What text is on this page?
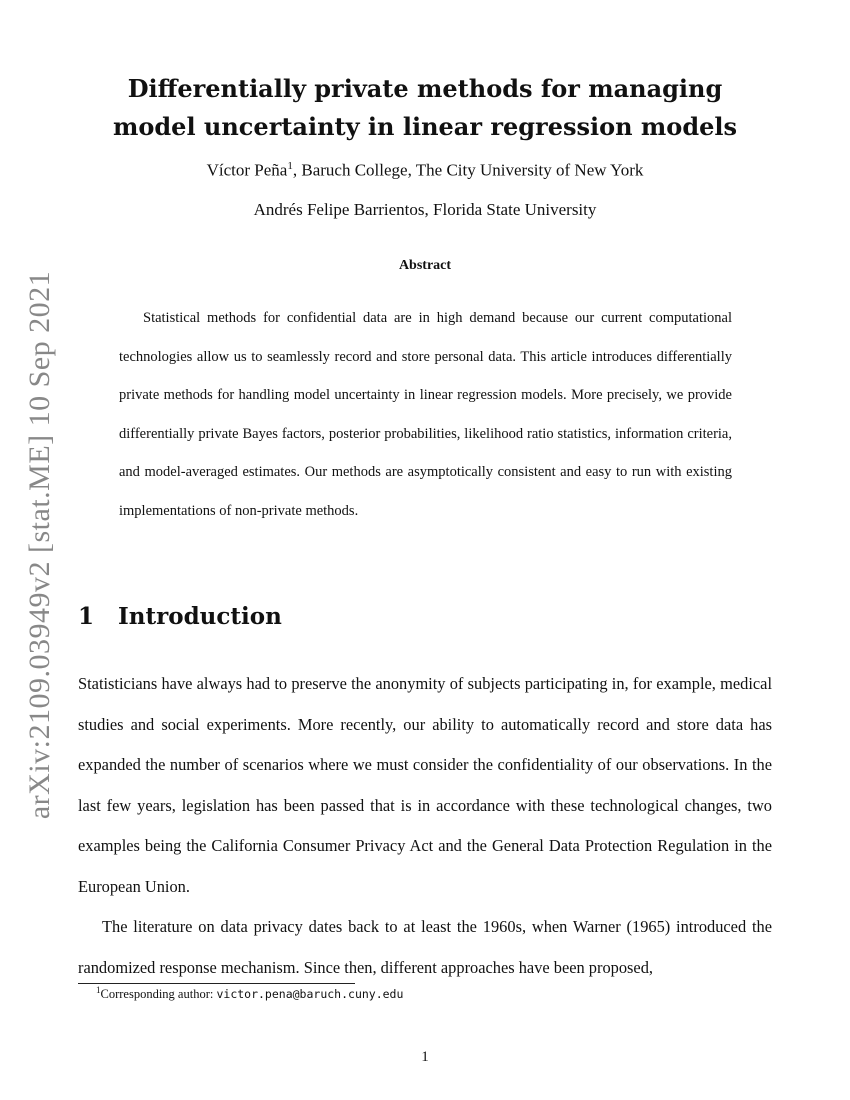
arXiv:2109.03949v2 [stat.ME] 10 Sep 2021
Differentially private methods for managing
model uncertainty in linear regression models

Víctor Peña$^1$, Baruch College, The City University of New York

Andrés Felipe Barrientos, Florida State University

Abstract

Statistical methods for confidential data are in high demand because our current computational technologies allow us to seamlessly record and store personal data. This article introduces differentially private methods for handling model uncertainty in linear regression models. More precisely, we provide differentially private Bayes factors, posterior probabilities, likelihood ratio statistics, information criteria, and model-averaged estimates. Our methods are asymptotically consistent and easy to run with existing implementations of non-private methods.

1 Introduction

Statisticians have always had to preserve the anonymity of subjects participating in, for example, medical studies and social experiments. More recently, our ability to automatically record and store data has expanded the number of scenarios where we must consider the confidentiality of our observations. In the last few years, legislation has been passed that is in accordance with these technological changes, two examples being the California Consumer Privacy Act and the General Data Protection Regulation in the European Union.

The literature on data privacy dates back to at least the 1960s, when Warner (1965) introduced the randomized response mechanism. Since then, different approaches have been proposed,

$^1$Corresponding author: victor.pena@baruch.cuny.edu

1
